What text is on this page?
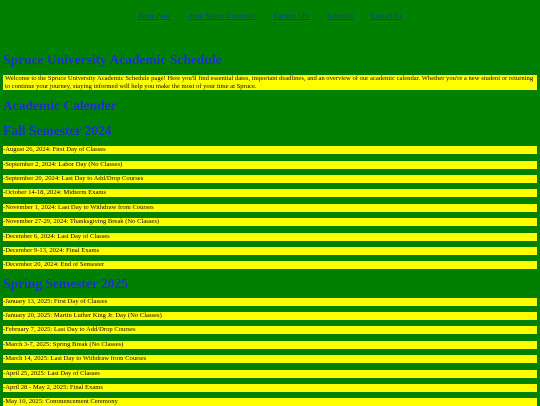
Home Page	about Spruce University	Campus Life	Schedule	Contact Us
Spruce University Academic Schedule
Welcome to the Spruce University Academic Schedule page! Here you'll find essential dates, important deadlines, and an overview of our academic calendar. Whether you're a new student or returning to continue your journey, staying informed will help you make the most of your time at Spruce.
Academic Calender
Fall Semester 2024
-August 26, 2024: First Day of Classes
-September 2, 2024: Labor Day (No Classes)
-September 20, 2024: Last Day to Add/Drop Courses
-October 14-18, 2024: Midterm Exams
-November 1, 2024: Last Day to Withdraw from Courses
-November 27-29, 2024: Thanksgiving Break (No Classes)
-December 6, 2024: Last Day of Classes
-December 9-13, 2024: Final Exams
-December 20, 2024: End of Semester
Spring Semester 2025
-January 13, 2025: First Day of Classes
-January 20, 2025: Martin Luther King Jr. Day (No Classes)
-February 7, 2025: Last Day to Add/Drop Courses
-March 3-7, 2025: Spring Break (No Classes)
-March 14, 2025: Last Day to Withdraw from Courses
-April 25, 2025: Last Day of Classes
-April 28 - May 2, 2025: Final Exams
-May 10, 2025: Commencement Ceremony
